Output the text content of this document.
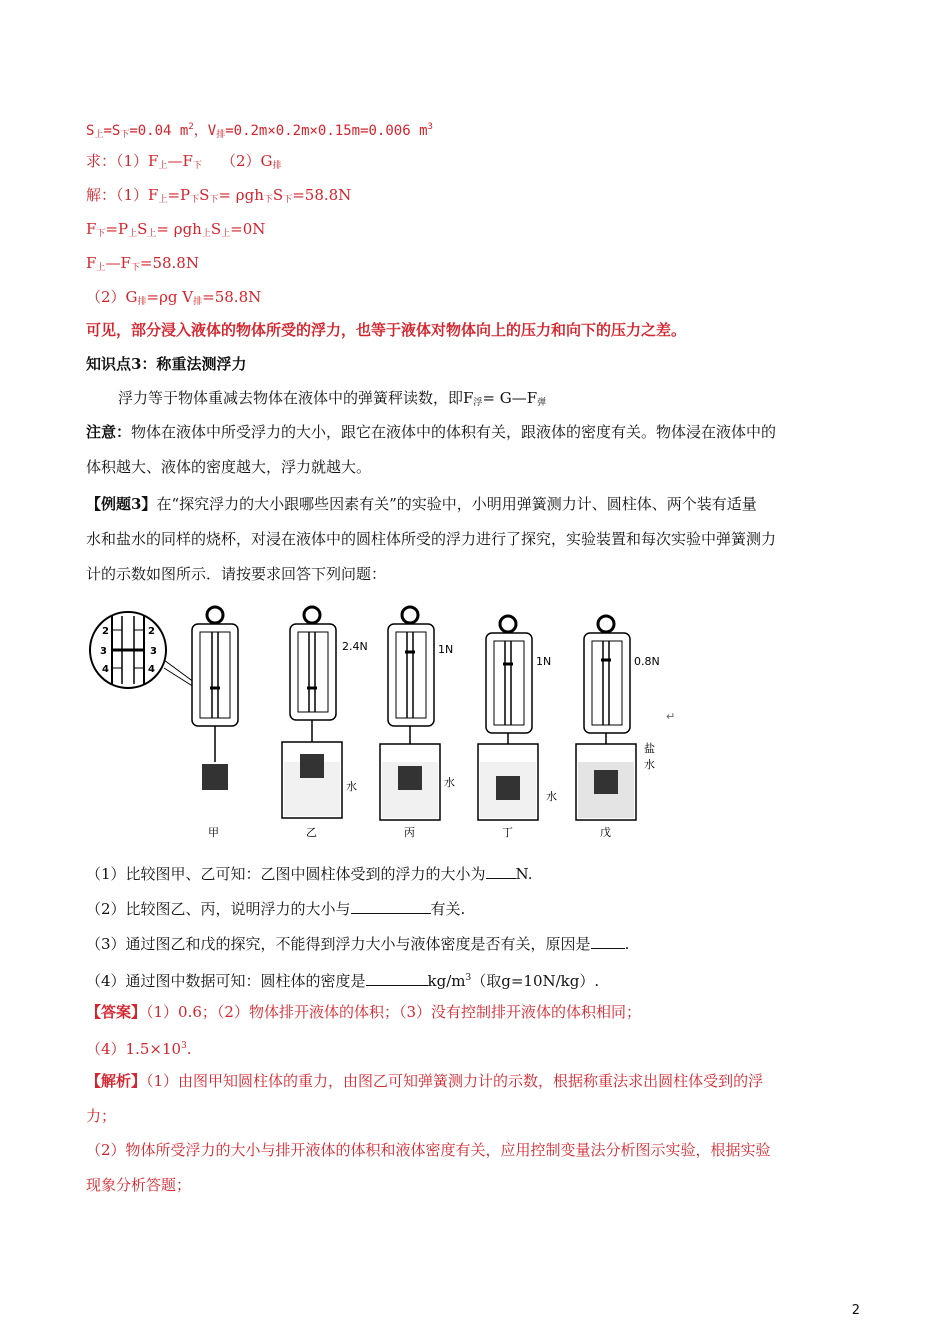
$S_上=S_下=0.04$ $m^2$，$V_排=0.2m\times 0.2m\times 0.15m=0.006$ $m^3$
求：$(1)F_上—F_下$ $(2)G_排$
解：$(1)F_上=P_下S_下= \rho gh_下S_下=58.8N$
$F_下=P_上S_上= \rho gh_上S_上=0N$
$F_上—F_下=58.8N$
$(2)G_排=\rho g$ $V_排=58.8N$
可见，部分浸入液体的物体所受的浮力，也等于液体对物体向上的压力和向下的压力之差。
知识点3：称重法测浮力
浮力等于物体重减去物体在液体中的弹簧秤读数，即$F_浮=$ $G—F_弹$
注意：物体在液体中所受浮力的大小，跟它在液体中的体积有关，跟液体的密度有关。物体浸在液体中的
体积越大、液体的密度越大，浮力就越大。
【例题3】在“探究浮力的大小跟哪些因素有关”的实验中，小明用弹簧测力计、圆柱体、两个装有适量
水和盐水的同样的烧杯，对浸在液体中的圆柱体所受的浮力进行了探究，实验装置和每次实验中弹簧测力
计的示数如图所示．请按要求回答下列问题：
2
3
4
2
3
4
2.4N	1N
1N	0.8N
水	水
水
盐
水
甲	乙	丙	丁	戊
↵
（1）比较图甲、乙可知：乙图中圆柱体受到的浮力的大小为 N.
（2）比较图乙、丙，说明浮力的大小与	有关.
（3）通过图乙和戊的探究，不能得到浮力大小与液体密度是否有关，原因是 .
（4）通过图中数据可知：圆柱体的密度是	$kg/m^3$（取g=10N/kg）.
【答案】（1）0.6；（2）物体排开液体的体积；（3）没有控制排开液体的体积相同；
$(4)1.5\times 10^3$.
【解析】（1）由图甲知圆柱体的重力，由图乙可知弹簧测力计的示数，根据称重法求出圆柱体受到的浮
力；
（2）物体所受浮力的大小与排开液体的体积和液体密度有关，应用控制变量法分析图示实验，根据实验
现象分析答题；
2
